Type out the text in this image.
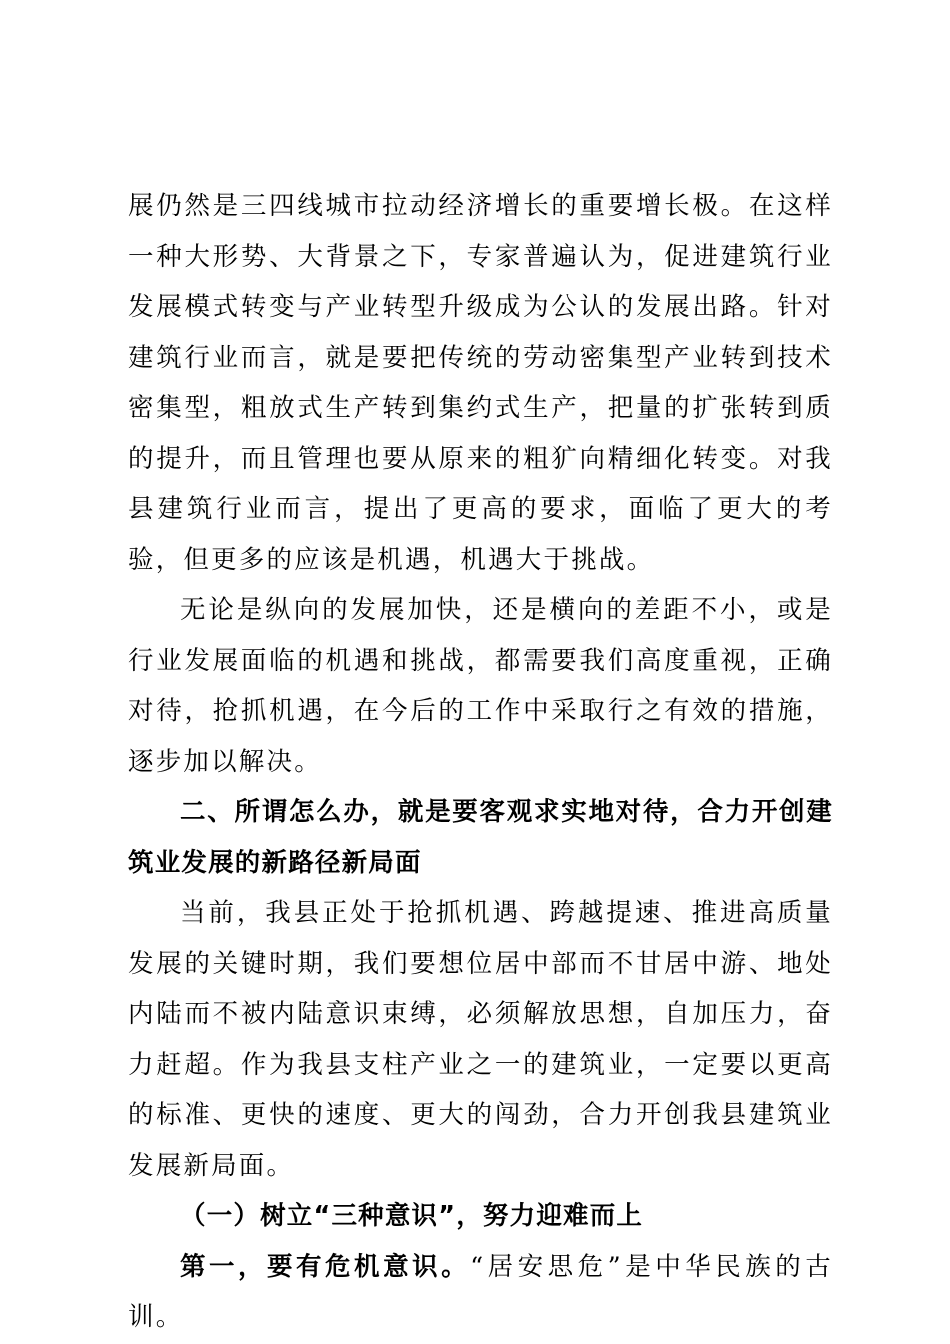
展仍然是三四线城市拉动经济增长的重要增长极。在这样一种大形势、大背景之下，专家普遍认为，促进建筑行业发展模式转变与产业转型升级成为公认的发展出路。针对建筑行业而言，就是要把传统的劳动密集型产业转到技术密集型，粗放式生产转到集约式生产，把量的扩张转到质的提升，而且管理也要从原来的粗犷向精细化转变。对我县建筑行业而言，提出了更高的要求，面临了更大的考验，但更多的应该是机遇，机遇大于挑战。

无论是纵向的发展加快，还是横向的差距不小，或是行业发展面临的机遇和挑战，都需要我们高度重视，正确对待，抢抓机遇，在今后的工作中采取行之有效的措施，逐步加以解决。

二、所谓怎么办，就是要客观求实地对待，合力开创建筑业发展的新路径新局面

当前，我县正处于抢抓机遇、跨越提速、推进高质量发展的关键时期，我们要想位居中部而不甘居中游、地处内陆而不被内陆意识束缚，必须解放思想，自加压力，奋力赶超。作为我县支柱产业之一的建筑业，一定要以更高的标准、更快的速度、更大的闯劲，合力开创我县建筑业发展新局面。

（一）树立“三种意识”，努力迎难而上

第一，要有危机意识。“居安思危”是中华民族的古训。
